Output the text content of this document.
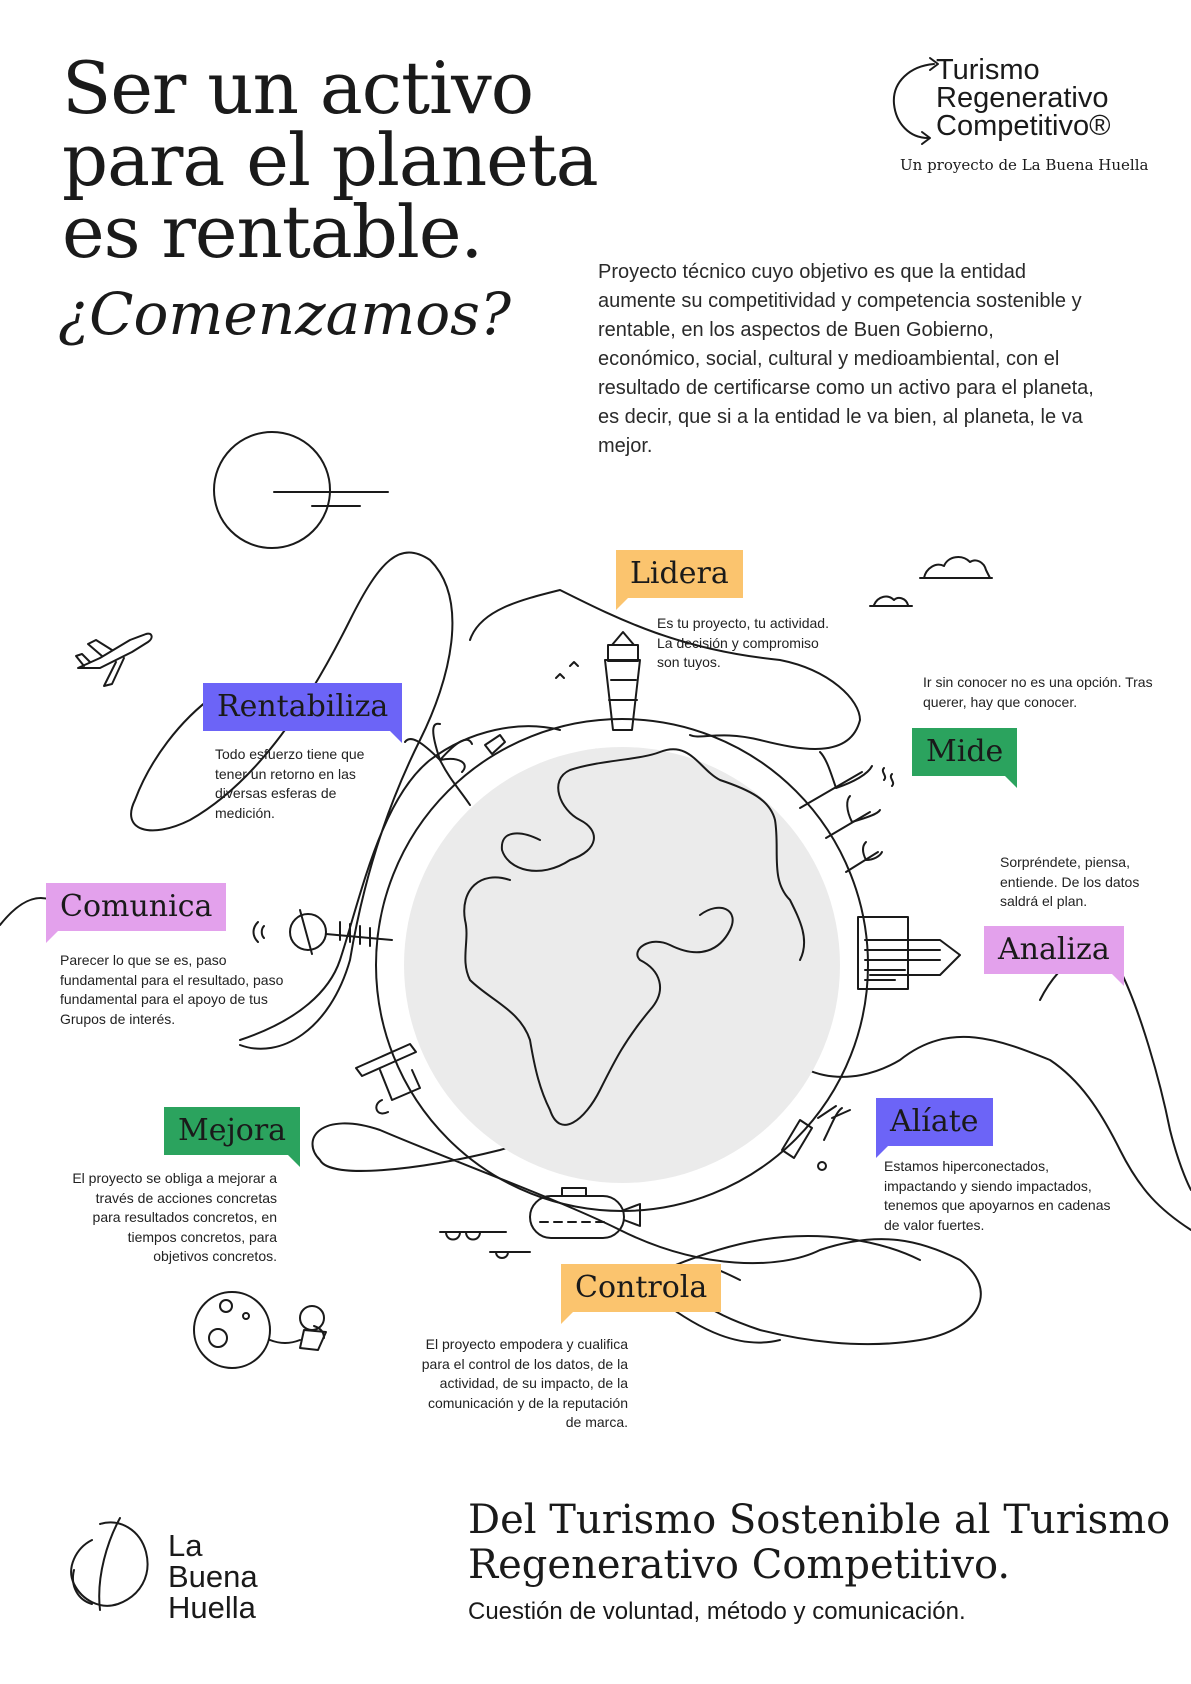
Ser un activo
para el planeta
es rentable.
¿Comenzamos?
Turismo
Regenerativo
Competitivo®
Un proyecto de La Buena Huella
Proyecto técnico cuyo objetivo es que la entidad aumente su competitividad y competencia sostenible y rentable, en los aspectos de Buen Gobierno, económico, social, cultural y medioambiental, con el resultado de certificarse como un activo para el planeta, es decir, que si a la entidad le va bien, al planeta, le va mejor.
Lidera
Es tu proyecto, tu actividad. La decisión y compromiso son tuyos.
Mide
Ir sin conocer no es una opción. Tras querer, hay que conocer.
Analiza
Sorpréndete, piensa, entiende. De los datos saldrá el plan.
Alíate
Estamos hiperconectados, impactando y siendo impactados, tenemos que apoyarnos en cadenas de valor fuertes.
Controla
El proyecto empodera y cualifica para el control de los datos, de la actividad, de su impacto, de la comunicación y de la reputación de marca.
Mejora
El proyecto se obliga a mejorar a través de acciones concretas para resultados concretos, en tiempos concretos, para objetivos concretos.
Comunica
Parecer lo que se es, paso fundamental para el resultado, paso fundamental para el apoyo de tus Grupos de interés.
Rentabiliza
Todo esfuerzo tiene que tener un retorno en las diversas esferas de medición.
La
Buena
Huella
Del Turismo Sostenible al Turismo
Regenerativo Competitivo.
Cuestión de voluntad, método y comunicación.
